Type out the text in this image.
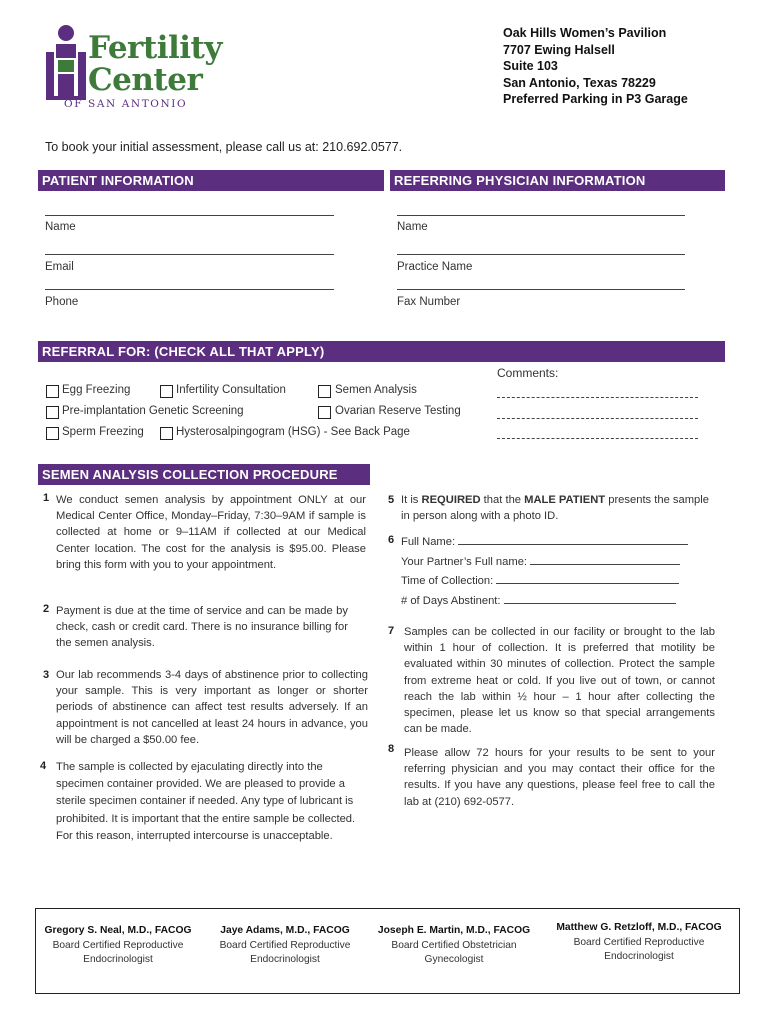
Fertility
Center
OF SAN ANTONIO
Oak Hills Women’s Pavilion
7707 Ewing Halsell
Suite 103
San Antonio, Texas 78229
Preferred Parking in P3 Garage
To book your initial assessment, please call us at: 210.692.0577.
PATIENT INFORMATION	REFERRING PHYSICIAN INFORMATION
Name
Email
Phone
Name
Practice Name
Fax Number
REFERRAL FOR: (CHECK ALL THAT APPLY)
Comments:
Egg Freezing	Infertility Consultation	Semen Analysis
Pre-implantation Genetic Screening	Ovarian Reserve Testing
Sperm Freezing	Hysterosalpingogram (HSG) - See Back Page
SEMEN ANALYSIS COLLECTION PROCEDURE
1 We conduct semen analysis by appointment ONLY at our Medical Center Office, Monday–Friday, 7:30–9AM if sample is collected at home or 9–11AM if collected at our Medical Center location. The cost for the analysis is $95.00. Please bring this form with you to your appointment.
2 Payment is due at the time of service and can be made by check, cash or credit card. There is no insurance billing for the semen analysis.
3 Our lab recommends 3-4 days of abstinence prior to collecting your sample. This is very important as longer or shorter periods of abstinence can affect test results adversely. If an appointment is not cancelled at least 24 hours in advance, you will be charged a $50.00 fee.
4 The sample is collected by ejaculating directly into the specimen container provided. We are pleased to provide a sterile specimen container if needed. Any type of lubricant is prohibited. It is important that the entire sample be collected. For this reason, interrupted intercourse is unacceptable.
5 It is REQUIRED that the MALE PATIENT presents the sample in person along with a photo ID.
6 Full Name:
Your Partner’s Full name:
Time of Collection:
# of Days Abstinent:
7 Samples can be collected in our facility or brought to the lab within 1 hour of collection. It is preferred that motility be evaluated within 30 minutes of collection. Protect the sample from extreme heat or cold. If you live out of town, or cannot reach the lab within ½ hour – 1 hour after collecting the specimen, please let us know so that special arrangements can be made.
8 Please allow 72 hours for your results to be sent to your referring physician and you may contact their office for the results. If you have any questions, please feel free to call the lab at (210) 692-0577.
Gregory S. Neal, M.D., FACOG
Board Certified Reproductive
Endocrinologist
Jaye Adams, M.D., FACOG
Board Certified Reproductive
Endocrinologist
Joseph E. Martin, M.D., FACOG
Board Certified Obstetrician
Gynecologist
Matthew G. Retzloff, M.D., FACOG
Board Certified Reproductive
Endocrinologist
